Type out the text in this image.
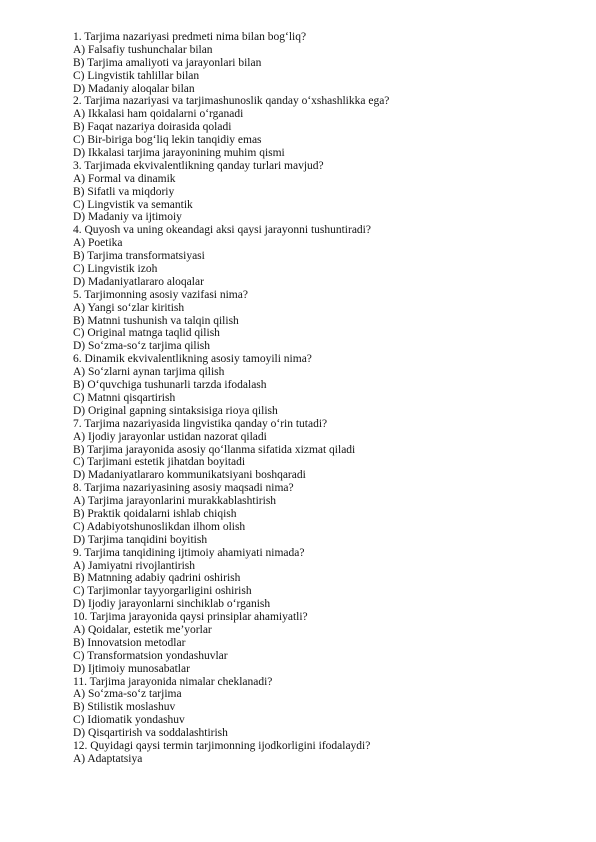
1. Tarjima nazariyasi predmeti nima bilan bog‘liq?
A) Falsafiy tushunchalar bilan
B) Tarjima amaliyoti va jarayonlari bilan
C) Lingvistik tahlillar bilan
D) Madaniy aloqalar bilan
2. Tarjima nazariyasi va tarjimashunoslik qanday o‘xshashlikka ega?
A) Ikkalasi ham qoidalarni o‘rganadi
B) Faqat nazariya doirasida qoladi
C) Bir-biriga bog‘liq lekin tanqidiy emas
D) Ikkalasi tarjima jarayonining muhim qismi
3. Tarjimada ekvivalentlikning qanday turlari mavjud?
A) Formal va dinamik
B) Sifatli va miqdoriy
C) Lingvistik va semantik
D) Madaniy va ijtimoiy
4. Quyosh va uning okeandagi aksi qaysi jarayonni tushuntiradi?
A) Poetika
B) Tarjima transformatsiyasi
C) Lingvistik izoh
D) Madaniyatlararo aloqalar
5. Tarjimonning asosiy vazifasi nima?
A) Yangi so‘zlar kiritish
B) Matnni tushunish va talqin qilish
C) Original matnga taqlid qilish
D) So‘zma-so‘z tarjima qilish
6. Dinamik ekvivalentlikning asosiy tamoyili nima?
A) So‘zlarni aynan tarjima qilish
B) O‘quvchiga tushunarli tarzda ifodalash
C) Matnni qisqartirish
D) Original gapning sintaksisiga rioya qilish
7. Tarjima nazariyasida lingvistika qanday o‘rin tutadi?
A) Ijodiy jarayonlar ustidan nazorat qiladi
B) Tarjima jarayonida asosiy qo‘llanma sifatida xizmat qiladi
C) Tarjimani estetik jihatdan boyitadi
D) Madaniyatlararo kommunikatsiyani boshqaradi
8. Tarjima nazariyasining asosiy maqsadi nima?
A) Tarjima jarayonlarini murakkablashtirish
B) Praktik qoidalarni ishlab chiqish
C) Adabiyotshunoslikdan ilhom olish
D) Tarjima tanqidini boyitish
9. Tarjima tanqidining ijtimoiy ahamiyati nimada?
A) Jamiyatni rivojlantirish
B) Matnning adabiy qadrini oshirish
C) Tarjimonlar tayyorgarligini oshirish
D) Ijodiy jarayonlarni sinchiklab o‘rganish
10. Tarjima jarayonida qaysi prinsiplar ahamiyatli?
A) Qoidalar, estetik me’yorlar
B) Innovatsion metodlar
C) Transformatsion yondashuvlar
D) Ijtimoiy munosabatlar
11. Tarjima jarayonida nimalar cheklanadi?
A) So‘zma-so‘z tarjima
B) Stilistik moslashuv
C) Idiomatik yondashuv
D) Qisqartirish va soddalashtirish
12. Quyidagi qaysi termin tarjimonning ijodkorligini ifodalaydi?
A) Adaptatsiya
